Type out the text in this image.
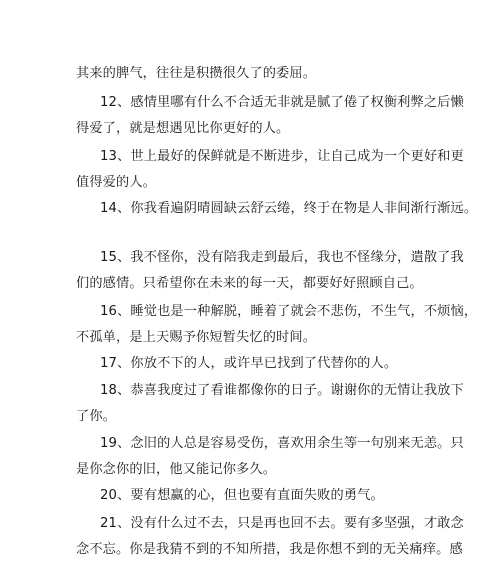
其来的脾气，往往是积攒很久了的委屈。
12、感情里哪有什么不合适无非就是腻了倦了权衡利弊之后懒
得爱了，就是想遇见比你更好的人。
13、世上最好的保鲜就是不断进步，让自己成为一个更好和更
值得爱的人。
14、你我看遍阴晴圆缺云舒云绻，终于在物是人非间渐行渐远。
15、我不怪你，没有陪我走到最后，我也不怪缘分，遣散了我
们的感情。只希望你在未来的每一天，都要好好照顾自己。
16、睡觉也是一种解脱，睡着了就会不悲伤，不生气，不烦恼，
不孤单，是上天赐予你短暂失忆的时间。
17、你放不下的人，或许早已找到了代替你的人。
18、恭喜我度过了看谁都像你的日子。谢谢你的无情让我放下
了你。
19、念旧的人总是容易受伤，喜欢用余生等一句别来无恙。只
是你念你的旧，他又能记你多久。
20、要有想赢的心，但也要有直面失败的勇气。
21、没有什么过不去，只是再也回不去。要有多坚强，才敢念
念不忘。你是我猜不到的不知所措，我是你想不到的无关痛痒。感
